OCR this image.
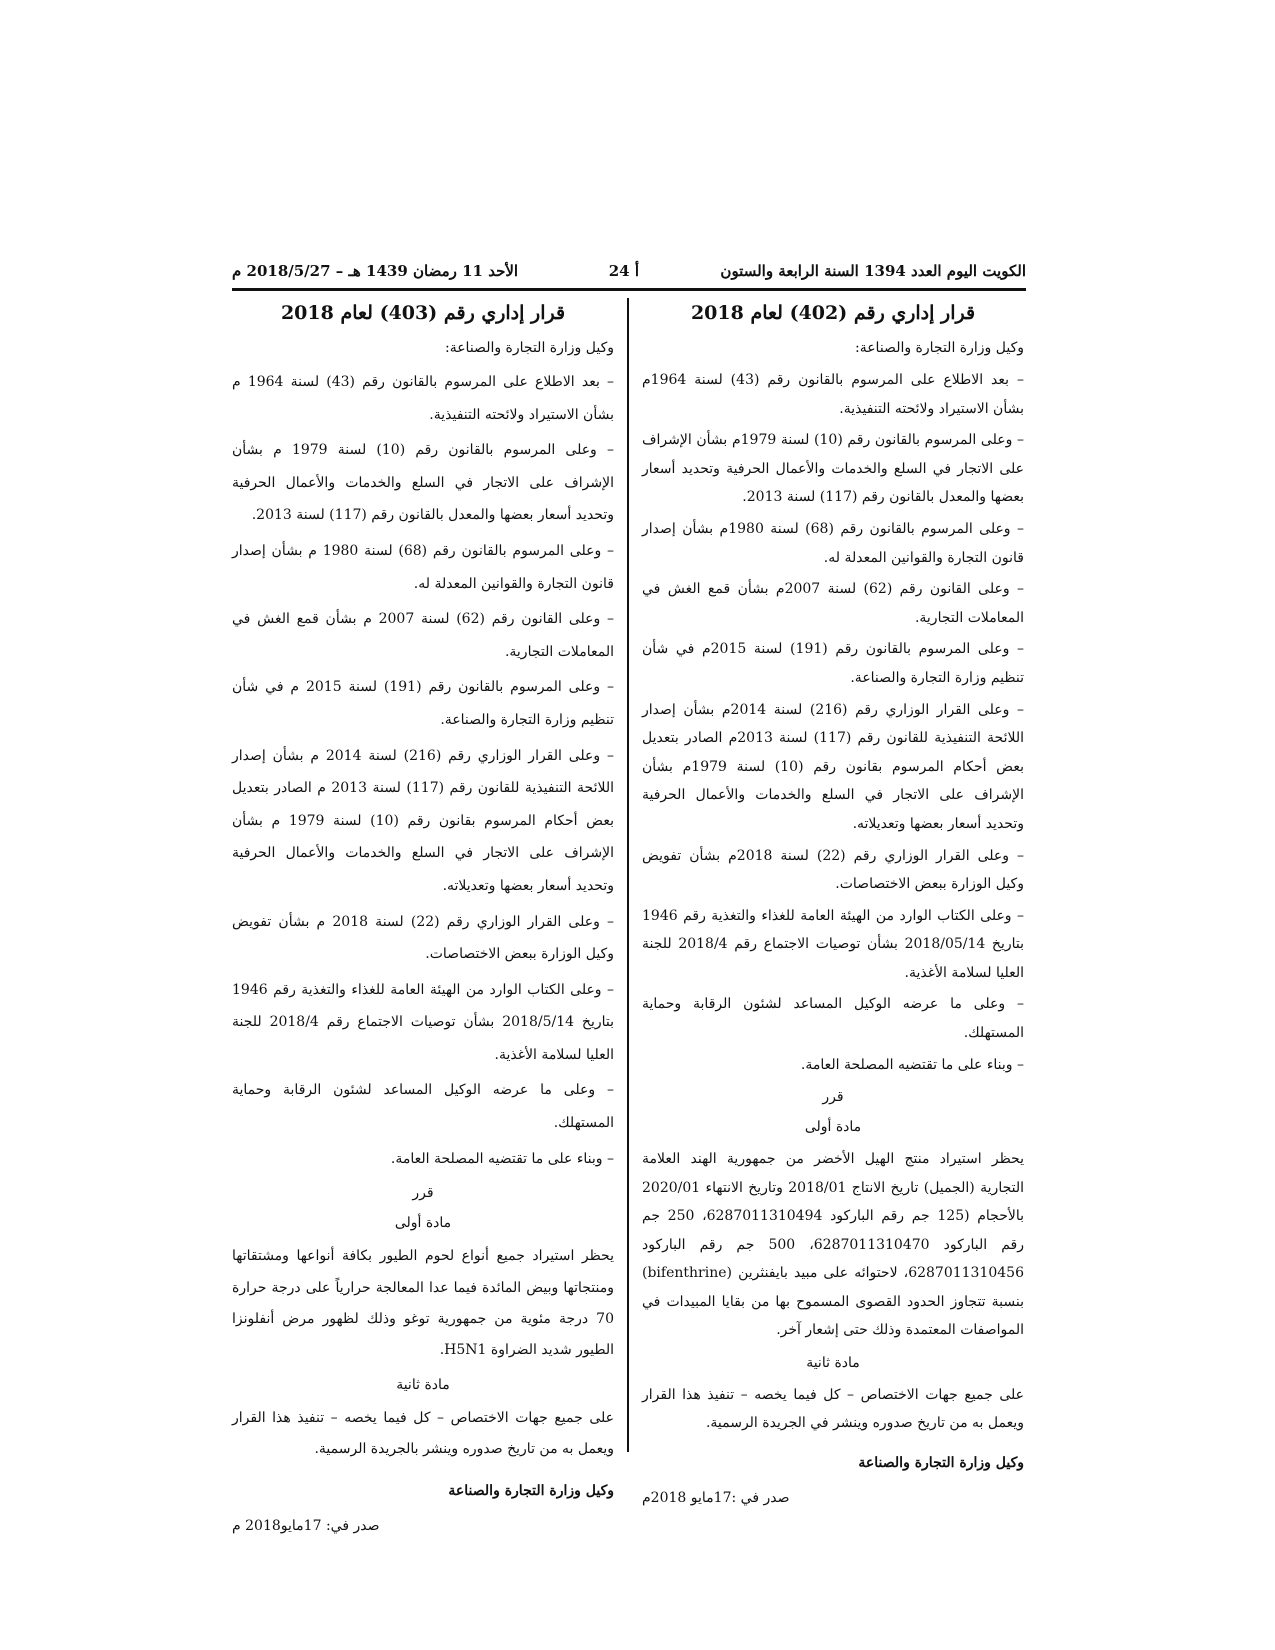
الكويت اليوم العدد 1394 السنة الرابعة والستون
أ 24
الأحد 11 رمضان 1439 هـ – 2018/5/27 م
قرار إداري رقم (402) لعام 2018
وكيل وزارة التجارة والصناعة:
– بعد الاطلاع على المرسوم بالقانون رقم (43) لسنة 1964م بشأن الاستيراد ولائحته التنفيذية.
– وعلى المرسوم بالقانون رقم (10) لسنة 1979م بشأن الإشراف على الاتجار في السلع والخدمات والأعمال الحرفية وتحديد أسعار بعضها والمعدل بالقانون رقم (117) لسنة 2013.
– وعلى المرسوم بالقانون رقم (68) لسنة 1980م بشأن إصدار قانون التجارة والقوانين المعدلة له.
– وعلى القانون رقم (62) لسنة 2007م بشأن قمع الغش في المعاملات التجارية.
– وعلى المرسوم بالقانون رقم (191) لسنة 2015م في شأن تنظيم وزارة التجارة والصناعة.
– وعلى القرار الوزاري رقم (216) لسنة 2014م بشأن إصدار اللائحة التنفيذية للقانون رقم (117) لسنة 2013م الصادر بتعديل بعض أحكام المرسوم بقانون رقم (10) لسنة 1979م بشأن الإشراف على الاتجار في السلع والخدمات والأعمال الحرفية وتحديد أسعار بعضها وتعديلاته.
– وعلى القرار الوزاري رقم (22) لسنة 2018م بشأن تفويض وكيل الوزارة ببعض الاختصاصات.
– وعلى الكتاب الوارد من الهيئة العامة للغذاء والتغذية رقم 1946 بتاريخ 2018/05/14 بشأن توصيات الاجتماع رقم 2018/4 للجنة العليا لسلامة الأغذية.
– وعلى ما عرضه الوكيل المساعد لشئون الرقابة وحماية المستهلك.
– وبناء على ما تقتضيه المصلحة العامة.
قرر
مادة أولى
يحظر استيراد منتج الهيل الأخضر من جمهورية الهند العلامة التجارية (الجميل) تاريخ الانتاج 2018/01 وتاريخ الانتهاء 2020/01 بالأحجام (125 جم رقم الباركود 6287011310494، 250 جم رقم الباركود 6287011310470، 500 جم رقم الباركود 6287011310456، لاحتوائه على مبيد بايفنثرين (bifenthrine) بنسبة تتجاوز الحدود القصوى المسموح بها من بقايا المبيدات في المواصفات المعتمدة وذلك حتى إشعار آخر.
مادة ثانية
على جميع جهات الاختصاص – كل فيما يخصه – تنفيذ هذا القرار ويعمل به من تاريخ صدوره وينشر في الجريدة الرسمية.
وكيل وزارة التجارة والصناعة
صدر في :17مايو 2018م
قرار إداري رقم (403) لعام 2018
وكيل وزارة التجارة والصناعة:
– بعد الاطلاع على المرسوم بالقانون رقم (43) لسنة 1964 م بشأن الاستيراد ولائحته التنفيذية.
– وعلى المرسوم بالقانون رقم (10) لسنة 1979 م بشأن الإشراف على الاتجار في السلع والخدمات والأعمال الحرفية وتحديد أسعار بعضها والمعدل بالقانون رقم (117) لسنة 2013.
– وعلى المرسوم بالقانون رقم (68) لسنة 1980 م بشأن إصدار قانون التجارة والقوانين المعدلة له.
– وعلى القانون رقم (62) لسنة 2007 م بشأن قمع الغش في المعاملات التجارية.
– وعلى المرسوم بالقانون رقم (191) لسنة 2015 م في شأن تنظيم وزارة التجارة والصناعة.
– وعلى القرار الوزاري رقم (216) لسنة 2014 م بشأن إصدار اللائحة التنفيذية للقانون رقم (117) لسنة 2013 م الصادر بتعديل بعض أحكام المرسوم بقانون رقم (10) لسنة 1979 م بشأن الإشراف على الاتجار في السلع والخدمات والأعمال الحرفية وتحديد أسعار بعضها وتعديلاته.
– وعلى القرار الوزاري رقم (22) لسنة 2018 م بشأن تفويض وكيل الوزارة ببعض الاختصاصات.
– وعلى الكتاب الوارد من الهيئة العامة للغذاء والتغذية رقم 1946 بتاريخ 2018/5/14 بشأن توصيات الاجتماع رقم 2018/4 للجنة العليا لسلامة الأغذية.
– وعلى ما عرضه الوكيل المساعد لشئون الرقابة وحماية المستهلك.
– وبناء على ما تقتضيه المصلحة العامة.
قرر
مادة أولى
يحظر استيراد جميع أنواع لحوم الطيور بكافة أنواعها ومشتقاتها ومنتجاتها وبيض المائدة فيما عدا المعالجة حرارياً على درجة حرارة 70 درجة مئوية من جمهورية توغو وذلك لظهور مرض أنفلونزا الطيور شديد الضراوة H5N1.
مادة ثانية
على جميع جهات الاختصاص – كل فيما يخصه – تنفيذ هذا القرار ويعمل به من تاريخ صدوره وينشر بالجريدة الرسمية.
وكيل وزارة التجارة والصناعة
صدر في: 17مايو2018 م
